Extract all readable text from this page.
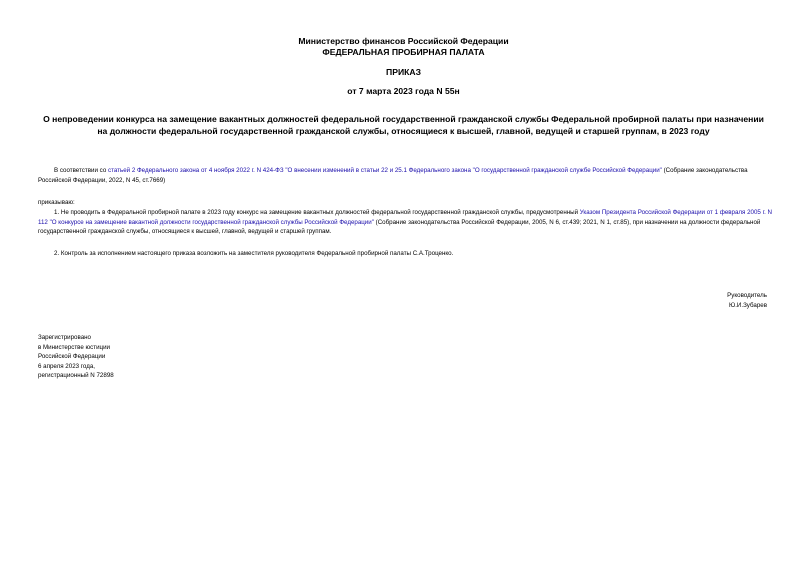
Министерство финансов Российской Федерации
ФЕДЕРАЛЬНАЯ ПРОБИРНАЯ ПАЛАТА
ПРИКАЗ
от 7 марта 2023 года N 55н
О непроведении конкурса на замещение вакантных должностей федеральной государственной гражданской службы Федеральной пробирной палаты при назначении на должности федеральной государственной гражданской службы, относящиеся к высшей, главной, ведущей и старшей группам, в 2023 году
В соответствии со статьей 2 Федерального закона от 4 ноября 2022 г. N 424-ФЗ "О внесении изменений в статьи 22 и 25.1 Федерального закона "О государственной гражданской службе Российской Федерации" (Собрание законодательства Российской Федерации, 2022, N 45, ст.7669)
приказываю:
1. Не проводить в Федеральной пробирной палате в 2023 году конкурс на замещение вакантных должностей федеральной государственной гражданской службы, предусмотренный Указом Президента Российской Федерации от 1 февраля 2005 г. N 112 "О конкурсе на замещение вакантной должности государственной гражданской службы Российской Федерации" (Собрание законодательства Российской Федерации, 2005, N 6, ст.439; 2021, N 1, ст.85), при назначении на должности федеральной государственной гражданской службы, относящиеся к высшей, главной, ведущей и старшей группам.
2. Контроль за исполнением настоящего приказа возложить на заместителя руководителя Федеральной пробирной палаты С.А.Троценко.
Руководитель
Ю.И.Зубарев
Зарегистрировано
в Министерстве юстиции
Российской Федерации
6 апреля 2023 года,
регистрационный N 72898
